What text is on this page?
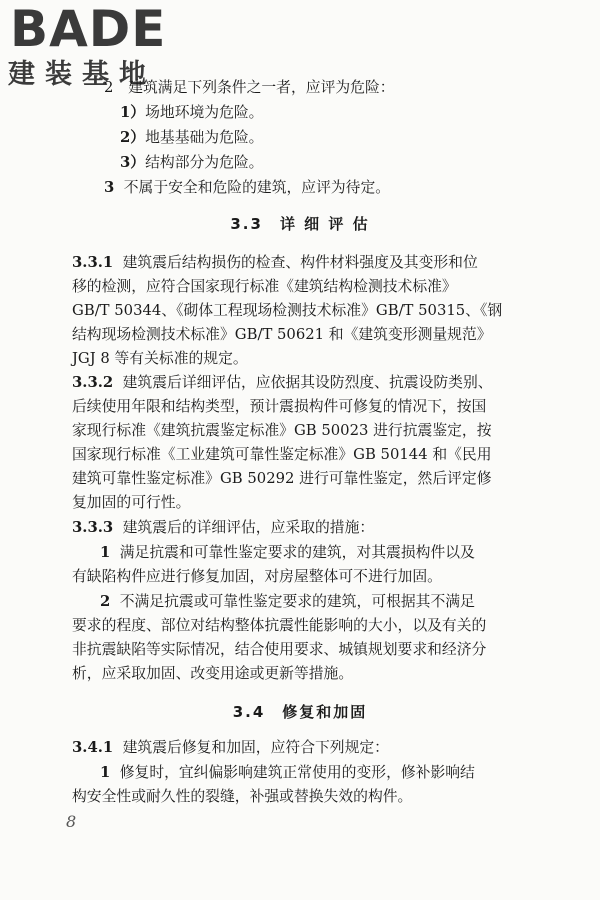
BADE
建装基地
2　建筑满足下列条件之一者，应评为危险：
1）场地环境为危险。
2）地基基础为危险。
3）结构部分为危险。
3 不属于安全和危险的建筑，应评为待定。
3.3　详 细 评 估
3.3.1 建筑震后结构损伤的检查、构件材料强度及其变形和位
移的检测，应符合国家现行标准《建筑结构检测技术标准》
GB/T 50344、《砌体工程现场检测技术标准》GB/T 50315、《钢
结构现场检测技术标准》GB/T 50621 和《建筑变形测量规范》
JGJ 8 等有关标准的规定。
3.3.2 建筑震后详细评估，应依据其设防烈度、抗震设防类别、
后续使用年限和结构类型，预计震损构件可修复的情况下，按国
家现行标准《建筑抗震鉴定标准》GB 50023 进行抗震鉴定，按
国家现行标准《工业建筑可靠性鉴定标准》GB 50144 和《民用
建筑可靠性鉴定标准》GB 50292 进行可靠性鉴定，然后评定修
复加固的可行性。
3.3.3 建筑震后的详细评估，应采取的措施：
1 满足抗震和可靠性鉴定要求的建筑，对其震损构件以及
有缺陷构件应进行修复加固，对房屋整体可不进行加固。
2 不满足抗震或可靠性鉴定要求的建筑，可根据其不满足
要求的程度、部位对结构整体抗震性能影响的大小，以及有关的
非抗震缺陷等实际情况，结合使用要求、城镇规划要求和经济分
析，应采取加固、改变用途或更新等措施。
3.4　修复和加固
3.4.1 建筑震后修复和加固，应符合下列规定：
1 修复时，宜纠偏影响建筑正常使用的变形，修补影响结
构安全性或耐久性的裂缝，补强或替换失效的构件。
8
